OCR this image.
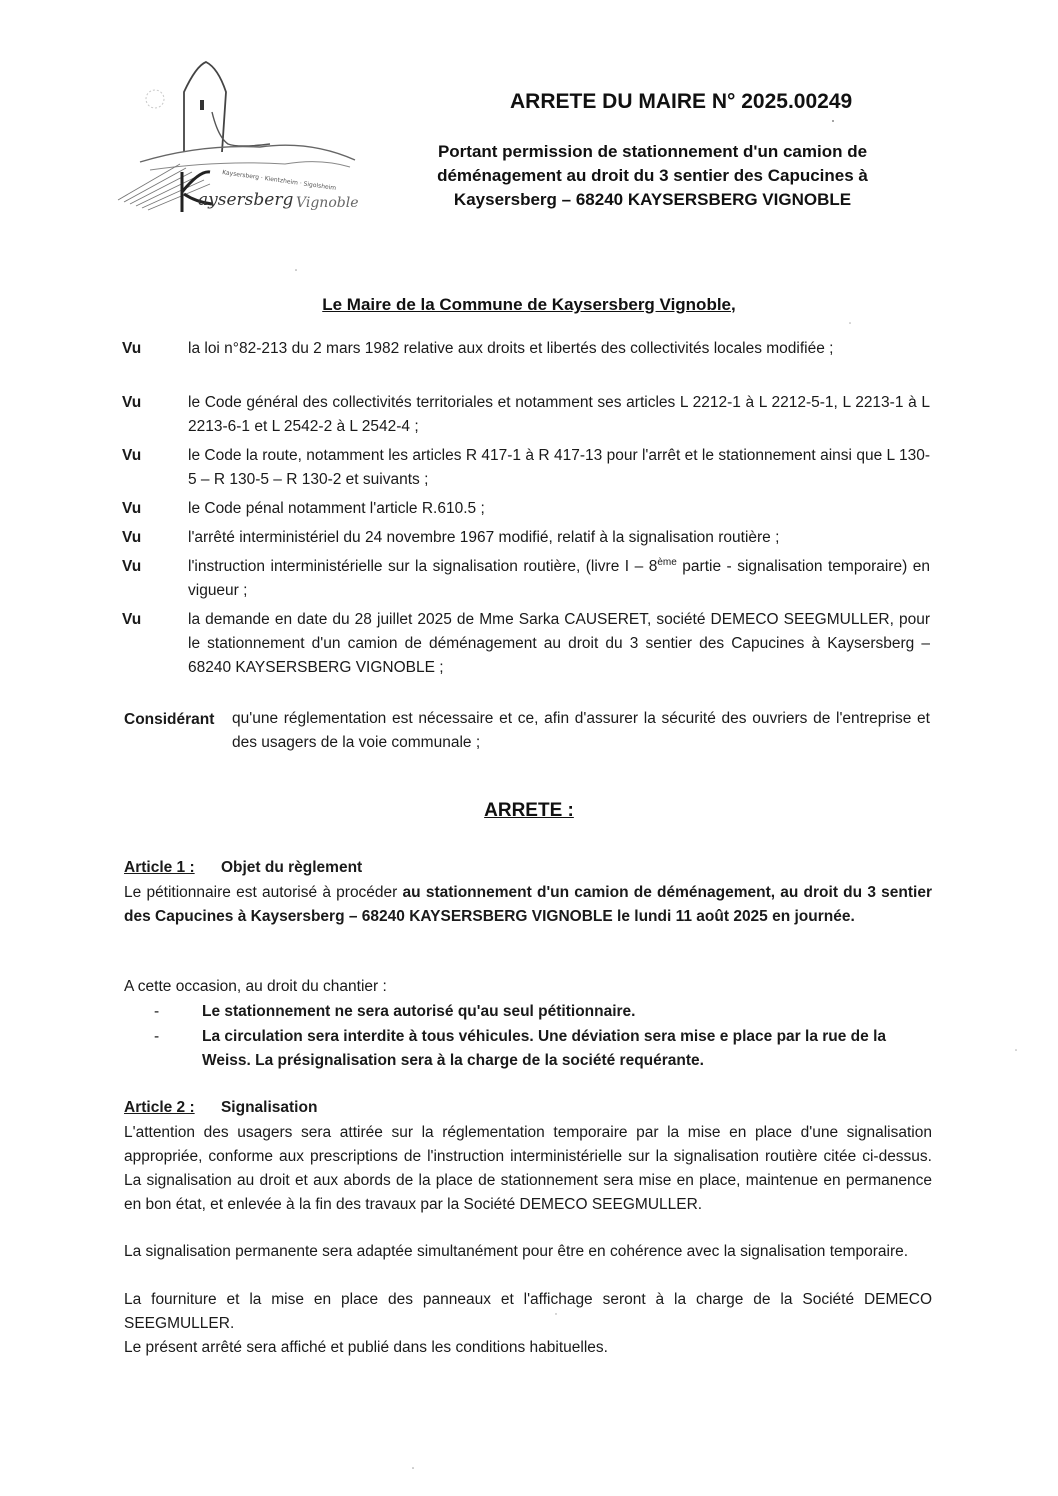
Kaysersberg · Kientzheim · Sigolsheim
aysersberg Vignoble
ARRETE DU MAIRE N° 2025.00249
Portant permission de stationnement d'un camion de
déménagement au droit du 3 sentier des Capucines à
Kaysersberg – 68240 KAYSERSBERG VIGNOBLE
Le Maire de la Commune de Kaysersberg Vignoble,
Vu	la loi n°82-213 du 2 mars 1982 relative aux droits et libertés des collectivités locales modifiée ;
Vu	le Code général des collectivités territoriales et notamment ses articles L 2212-1 à L 2212-5-1, L 2213-1 à L 2213-6-1 et L 2542-2 à L 2542-4 ;
Vu	le Code la route, notamment les articles R 417-1 à R 417-13 pour l'arrêt et le stationnement ainsi que L 130-5 – R 130-5 – R 130-2 et suivants ;
Vu	le Code pénal notamment l'article R.610.5 ;
Vu	l'arrêté interministériel du 24 novembre 1967 modifié, relatif à la signalisation routière ;
Vu	l'instruction interministérielle sur la signalisation routière, (livre I – 8ème partie - signalisation temporaire) en vigueur ;
Vu	la demande en date du 28 juillet 2025 de Mme Sarka CAUSERET, société DEMECO SEEGMULLER, pour le stationnement d'un camion de déménagement au droit du 3 sentier des Capucines à Kaysersberg – 68240 KAYSERSBERG VIGNOBLE ;
Considérant qu'une réglementation est nécessaire et ce, afin d'assurer la sécurité des ouvriers de l'entreprise et des usagers de la voie communale ;
ARRETE :
Article 1 : Objet du règlement
Le pétitionnaire est autorisé à procéder au stationnement d'un camion de déménagement, au droit du 3 sentier des Capucines à Kaysersberg – 68240 KAYSERSBERG VIGNOBLE le lundi 11 août 2025 en journée.
A cette occasion, au droit du chantier :
-	Le stationnement ne sera autorisé qu'au seul pétitionnaire.
-	La circulation sera interdite à tous véhicules. Une déviation sera mise e place par la rue de la Weiss. La présignalisation sera à la charge de la société requérante.
Article 2 : Signalisation
L'attention des usagers sera attirée sur la réglementation temporaire par la mise en place d'une signalisation appropriée, conforme aux prescriptions de l'instruction interministérielle sur la signalisation routière citée ci-dessus. La signalisation au droit et aux abords de la place de stationnement sera mise en place, maintenue en permanence en bon état, et enlevée à la fin des travaux par la Société DEMECO SEEGMULLER.
La signalisation permanente sera adaptée simultanément pour être en cohérence avec la signalisation temporaire.
La fourniture et la mise en place des panneaux et l'affichage seront à la charge de la Société DEMECO SEEGMULLER.
Le présent arrêté sera affiché et publié dans les conditions habituelles.
